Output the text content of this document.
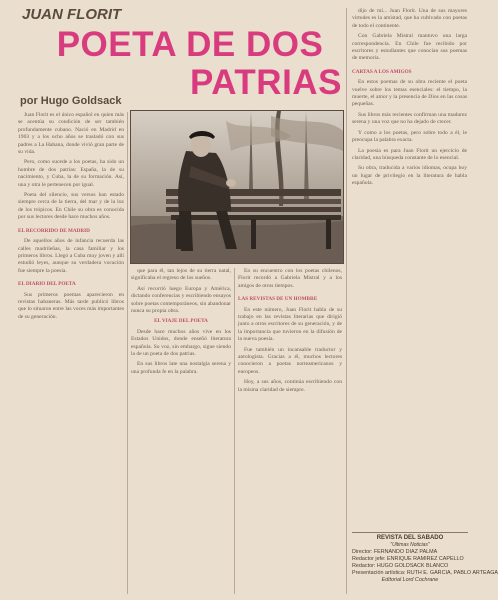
JUAN FLORIT
POETA DE DOS
PATRIAS
por Hugo Goldsack

Juan Florit es el único español en quien más se acentúa su condición de ser también profundamente cubano. Nació en Madrid en 1903 y a los ocho años se trasladó con sus padres a La Habana, donde vivió gran parte de su vida.

Pero, como sucede a los poetas, ha sido un hombre de dos patrias: España, la de su nacimiento, y Cuba, la de su formación. Así, una y otra le pertenecen por igual.

Poeta del silencio, sus versos han estado siempre cerca de la tierra, del mar y de la luz de los trópicos. En Chile su obra es conocida por sus lectores desde hace muchos años.

EL RECORRIDO DE MADRID

De aquellos años de infancia recuerda las calles madrileñas, la casa familiar y los primeros libros. Llegó a Cuba muy joven y allí estudió leyes, aunque su verdadera vocación fue siempre la poesía.

EL DIARIO DEL POETA

Sus primeros poemas aparecieron en revistas habaneras. Más tarde publicó libros que lo situaron entre las voces más importantes de su generación.

que para él, tan lejos de su tierra natal, significaba el regreso de los sueños.

Así recorrió luego Europa y América, dictando conferencias y escribiendo ensayos sobre poetas contemporáneos, sin abandonar nunca su propia obra.

EL VIAJE DEL POETA

Desde hace muchos años vive en los Estados Unidos, donde enseñó literatura española. Su voz, sin embargo, sigue siendo la de un poeta de dos patrias.

En sus libros late una nostalgia serena y una profunda fe en la palabra.

En su encuentro con los poetas chilenos, Florit recordó a Gabriela Mistral y a los amigos de otros tiempos.

LAS REVISTAS DE UN HOMBRE

En este número, Juan Florit habla de su trabajo en las revistas literarias que dirigió junto a otros escritores de su generación, y de la importancia que tuvieron en la difusión de la nueva poesía.

Fue también un incansable traductor y antologista. Gracias a él, muchos lectores conocieron a poetas norteamericanos y europeos.

Hoy, a sus años, continúa escribiendo con la misma claridad de siempre.

dijo de mí... Juan Florit. Una de sus mayores virtudes es la amistad, que ha cultivado con poetas de todo el continente.

Con Gabriela Mistral mantuvo una larga correspondencia. En Chile fue recibido por escritores y estudiantes que conocían sus poemas de memoria.

CARTAS A LOS AMIGOS

En estos poemas de su obra reciente el poeta vuelve sobre los temas esenciales: el tiempo, la muerte, el amor y la presencia de Dios en las cosas pequeñas.

Sus libros más recientes confirman una madurez serena y una voz que no ha dejado de crecer.

Y como a los poetas, pero sobre todo a él, le preocupa la palabra exacta.

La poesía es para Juan Florit un ejercicio de claridad, una búsqueda constante de lo esencial.

Su obra, traducida a varios idiomas, ocupa hoy un lugar de privilegio en la literatura de habla española.

REVISTA DEL SABADO
"Ultimas Noticias"
Director: FERNANDO DIAZ PALMA
Redactor jefe: ENRIQUE RAMIREZ CAPELLO
Redactor: HUGO GOLDSACK BLANCO
Presentación artística: RUTH E. GARCIA, PABLO ARTEAGA
Editorial Lord Cochrane
